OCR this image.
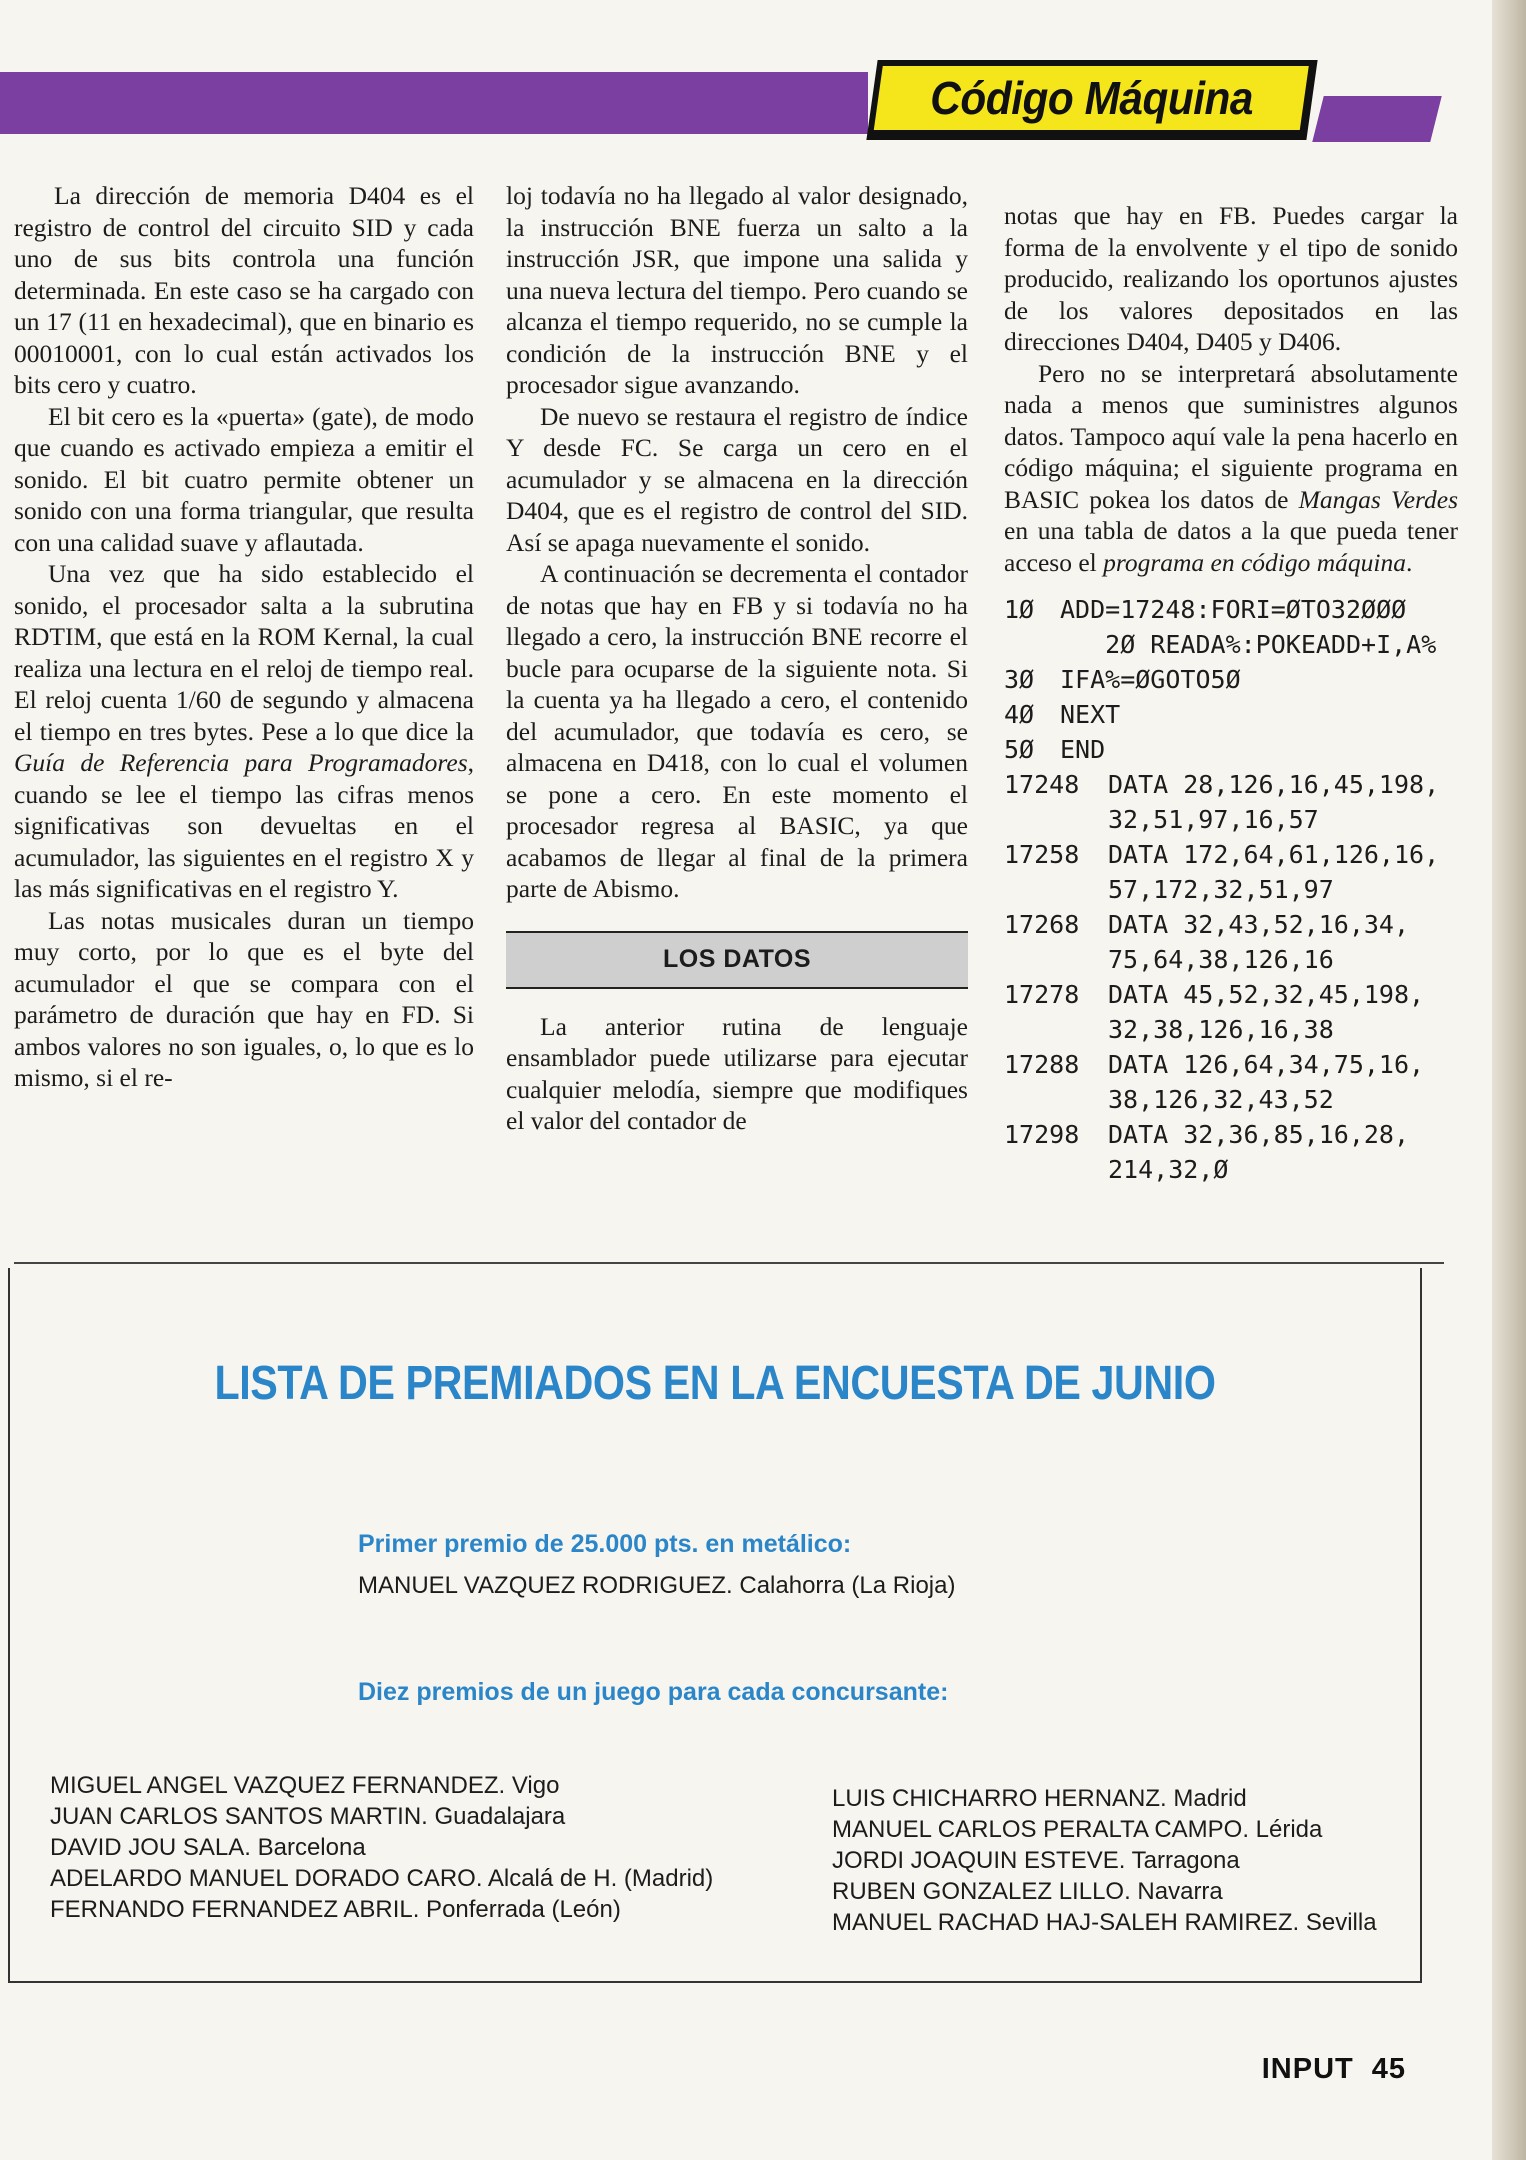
Código Máquina

La dirección de memoria D404 es el registro de control del circuito SID y cada uno de sus bits controla una función determinada. En este caso se ha cargado con un 17 (11 en hexadecimal), que en binario es 00010001, con lo cual están activados los bits cero y cuatro.

El bit cero es la «puerta» (gate), de modo que cuando es activado empieza a emitir el sonido. El bit cuatro permite obtener un sonido con una forma triangular, que resulta con una calidad suave y aflautada.

Una vez que ha sido establecido el sonido, el procesador salta a la subrutina RDTIM, que está en la ROM Kernal, la cual realiza una lectura en el reloj de tiempo real. El reloj cuenta 1/60 de segundo y almacena el tiempo en tres bytes. Pese a lo que dice la Guía de Referencia para Programadores, cuando se lee el tiempo las cifras menos significativas son devueltas en el acumulador, las siguientes en el registro X y las más significativas en el registro Y.

Las notas musicales duran un tiempo muy corto, por lo que es el byte del acumulador el que se compara con el parámetro de duración que hay en FD. Si ambos valores no son iguales, o, lo que es lo mismo, si el re-

loj todavía no ha llegado al valor designado, la instrucción BNE fuerza un salto a la instrucción JSR, que impone una salida y una nueva lectura del tiempo. Pero cuando se alcanza el tiempo requerido, no se cumple la condición de la instrucción BNE y el procesador sigue avanzando.

De nuevo se restaura el registro de índice Y desde FC. Se carga un cero en el acumulador y se almacena en la dirección D404, que es el registro de control del SID. Así se apaga nuevamente el sonido.

A continuación se decrementa el contador de notas que hay en FB y si todavía no ha llegado a cero, la instrucción BNE recorre el bucle para ocuparse de la siguiente nota. Si la cuenta ya ha llegado a cero, el contenido del acumulador, que todavía es cero, se almacena en D418, con lo cual el volumen se pone a cero. En este momento el procesador regresa al BASIC, ya que acabamos de llegar al final de la primera parte de Abismo.

LOS DATOS

La anterior rutina de lenguaje ensamblador puede utilizarse para ejecutar cualquier melodía, siempre que modifiques el valor del contador de

notas que hay en FB. Puedes cargar la forma de la envolvente y el tipo de sonido producido, realizando los oportunos ajustes de los valores depositados en las direcciones D404, D405 y D406.

Pero no se interpretará absolutamente nada a menos que suministres algunos datos. Tampoco aquí vale la pena hacerlo en código máquina; el siguiente programa en BASIC pokea los datos de Mangas Verdes en una tabla de datos a la que pueda tener acceso el programa en código máquina.

1Ø	ADD=17248:FORI=ØTO32ØØØ
2Ø READA%:POKEADD+I,A%
3Ø	IFA%=ØGOTO5Ø
4Ø	NEXT
5Ø	END
17248	DATA 28,126,16,45,198,
32,51,97,16,57
17258	DATA 172,64,61,126,16,
57,172,32,51,97
17268	DATA 32,43,52,16,34,
75,64,38,126,16
17278	DATA 45,52,32,45,198,
32,38,126,16,38
17288	DATA 126,64,34,75,16,
38,126,32,43,52
17298	DATA 32,36,85,16,28,
214,32,Ø
LISTA DE PREMIADOS EN LA ENCUESTA DE JUNIO
Primer premio de 25.000 pts. en metálico:
MANUEL VAZQUEZ RODRIGUEZ. Calahorra (La Rioja)
Diez premios de un juego para cada concursante:
MIGUEL ANGEL VAZQUEZ FERNANDEZ. Vigo
JUAN CARLOS SANTOS MARTIN. Guadalajara
DAVID JOU SALA. Barcelona
ADELARDO MANUEL DORADO CARO. Alcalá de H. (Madrid)
FERNANDO FERNANDEZ ABRIL. Ponferrada (León)
LUIS CHICHARRO HERNANZ. Madrid
MANUEL CARLOS PERALTA CAMPO. Lérida
JORDI JOAQUIN ESTEVE. Tarragona
RUBEN GONZALEZ LILLO. Navarra
MANUEL RACHAD HAJ-SALEH RAMIREZ. Sevilla
INPUT 45
